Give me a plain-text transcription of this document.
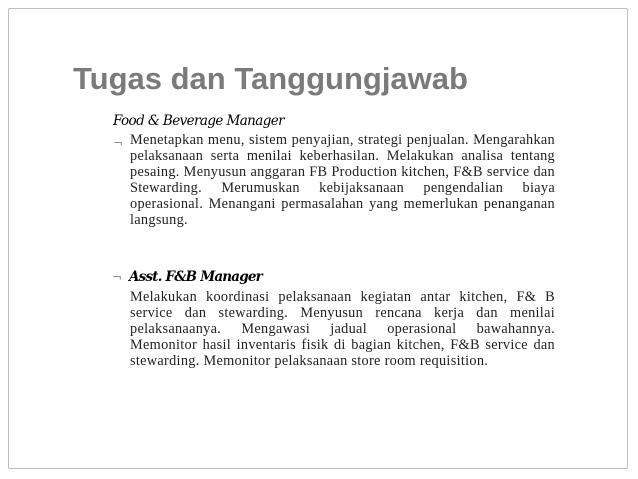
Tugas dan Tanggungjawab
Food & Beverage Manager
¬ Menetapkan menu, sistem penyajian, strategi penjualan. Mengarahkan pelaksanaan serta menilai keberhasilan. Melakukan analisa tentang pesaing. Menyusun anggaran FB Production kitchen, F&B service dan Stewarding. Merumuskan kebijaksanaan pengendalian biaya operasional. Menangani permasalahan yang memerlukan penanganan langsung.

¬ Asst. F&B Manager

Melakukan koordinasi pelaksanaan kegiatan antar kitchen, F& B service dan stewarding. Menyusun rencana kerja dan menilai pelaksanaanya. Mengawasi jadual operasional bawahannya. Memonitor hasil inventaris fisik di bagian kitchen, F&B service dan stewarding. Memonitor pelaksanaan store room requisition.
